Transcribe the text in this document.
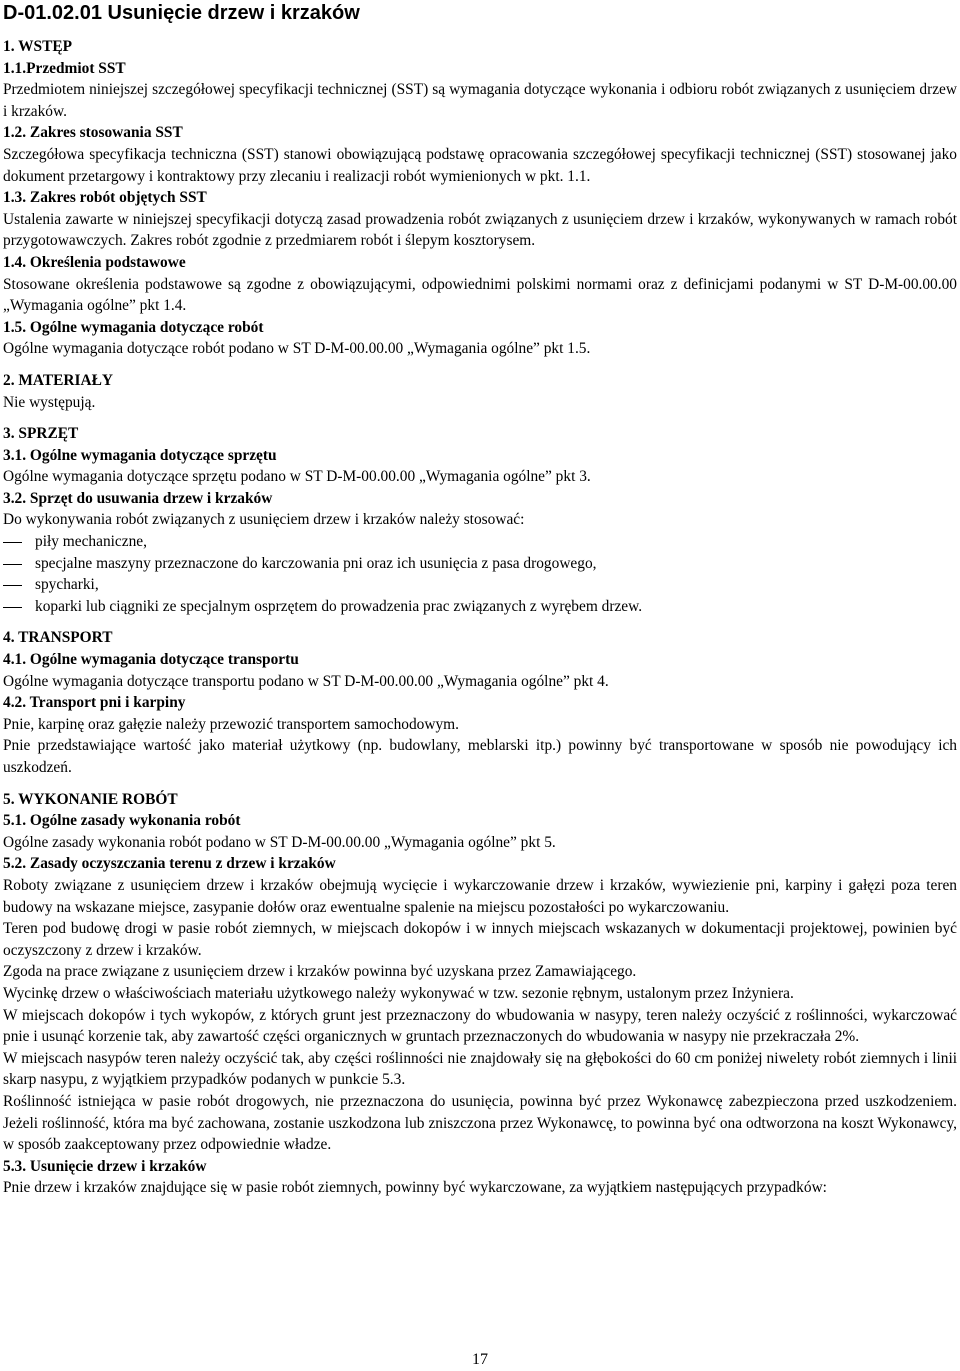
D-01.02.01 Usunięcie drzew i krzaków
1. WSTĘP
1.1.Przedmiot SST

Przedmiotem niniejszej szczegółowej specyfikacji technicznej (SST) są wymagania dotyczące wykonania i odbioru robót związanych z usunięciem drzew i krzaków.

1.2. Zakres stosowania SST

Szczegółowa specyfikacja techniczna (SST) stanowi obowiązującą podstawę opracowania szczegółowej specyfikacji technicznej (SST) stosowanej jako dokument przetargowy i kontraktowy przy zlecaniu i realizacji robót wymienionych w pkt. 1.1.

1.3. Zakres robót objętych SST

Ustalenia zawarte w niniejszej specyfikacji dotyczą zasad prowadzenia robót związanych z usunięciem drzew i krzaków, wykonywanych w ramach robót przygotowawczych. Zakres robót zgodnie z przedmiarem robót i ślepym kosztorysem.

1.4. Określenia podstawowe

Stosowane określenia podstawowe są zgodne z obowiązującymi, odpowiednimi polskimi normami oraz z definicjami podanymi w ST D-M-00.00.00 „Wymagania ogólne” pkt 1.4.

1.5. Ogólne wymagania dotyczące robót

Ogólne wymagania dotyczące robót podano w ST D-M-00.00.00 „Wymagania ogólne” pkt 1.5.

2. MATERIAŁY

Nie występują.

3. SPRZĘT
3.1. Ogólne wymagania dotyczące sprzętu

Ogólne wymagania dotyczące sprzętu podano w ST D-M-00.00.00 „Wymagania ogólne” pkt 3.

3.2. Sprzęt do usuwania drzew i krzaków

Do wykonywania robót związanych z usunięciem drzew i krzaków należy stosować:

piły mechaniczne,
specjalne maszyny przeznaczone do karczowania pni oraz ich usunięcia z pasa drogowego,
spycharki,
koparki lub ciągniki ze specjalnym osprzętem do prowadzenia prac związanych z wyrębem drzew.
4. TRANSPORT
4.1. Ogólne wymagania dotyczące transportu

Ogólne wymagania dotyczące transportu podano w ST D-M-00.00.00 „Wymagania ogólne” pkt 4.

4.2. Transport pni i karpiny

Pnie, karpinę oraz gałęzie należy przewozić transportem samochodowym.

Pnie przedstawiające wartość jako materiał użytkowy (np. budowlany, meblarski itp.) powinny być transportowane w sposób nie powodujący ich uszkodzeń.

5. WYKONANIE ROBÓT
5.1. Ogólne zasady wykonania robót

Ogólne zasady wykonania robót podano w ST D-M-00.00.00 „Wymagania ogólne” pkt 5.

5.2. Zasady oczyszczania terenu z drzew i krzaków

Roboty związane z usunięciem drzew i krzaków obejmują wycięcie i wykarczowanie drzew i krzaków, wywiezienie pni, karpiny i gałęzi poza teren budowy na wskazane miejsce, zasypanie dołów oraz ewentualne spalenie na miejscu pozostałości po wykarczowaniu.

Teren pod budowę drogi w pasie robót ziemnych, w miejscach dokopów i w innych miejscach wskazanych w dokumentacji projektowej, powinien być oczyszczony z drzew i krzaków.

Zgoda na prace związane z usunięciem drzew i krzaków powinna być uzyskana przez Zamawiającego.

Wycinkę drzew o właściwościach materiału użytkowego należy wykonywać w tzw. sezonie rębnym, ustalonym przez Inżyniera.

W miejscach dokopów i tych wykopów, z których grunt jest przeznaczony do wbudowania w nasypy, teren należy oczyścić z roślinności, wykarczować pnie i usunąć korzenie tak, aby zawartość części organicznych w gruntach przeznaczonych do wbudowania w nasypy nie przekraczała 2%.

W miejscach nasypów teren należy oczyścić tak, aby części roślinności nie znajdowały się na głębokości do 60 cm poniżej niwelety robót ziemnych i linii skarp nasypu, z wyjątkiem przypadków podanych w punkcie 5.3.

Roślinność istniejąca w pasie robót drogowych, nie przeznaczona do usunięcia, powinna być przez Wykonawcę zabezpieczona przed uszkodzeniem. Jeżeli roślinność, która ma być zachowana, zostanie uszkodzona lub zniszczona przez Wykonawcę, to powinna być ona odtworzona na koszt Wykonawcy, w sposób zaakceptowany przez odpowiednie władze.

5.3. Usunięcie drzew i krzaków

Pnie drzew i krzaków znajdujące się w pasie robót ziemnych, powinny być wykarczowane, za wyjątkiem następujących przypadków:

17
